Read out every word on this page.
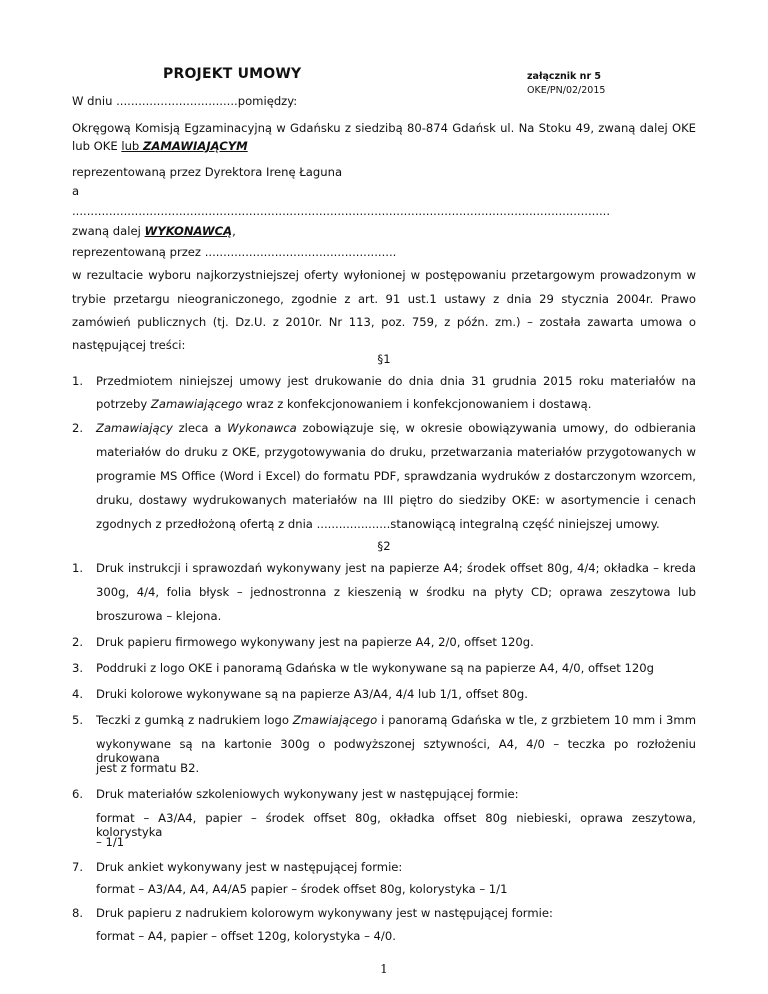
PROJEKT UMOWY	załącznik nr 5
OKE/PN/02/2015
W dniu .................................pomiędzy:
Okręgową Komisją Egzaminacyjną w Gdańsku z siedzibą 80-874 Gdańsk ul. Na Stoku 49, zwaną dalej OKE
lub OKE lub ZAMAWIAJĄCYM
reprezentowaną przez Dyrektora Irenę Łaguna
a
..................................................................................................................................................
zwaną dalej WYKONAWCĄ,
reprezentowaną przez ....................................................
w rezultacie wyboru najkorzystniejszej oferty wyłonionej w postępowaniu przetargowym prowadzonym w
trybie przetargu nieograniczonego, zgodnie z art. 91 ust.1 ustawy z dnia 29 stycznia 2004r. Prawo
zamówień publicznych (tj. Dz.U. z 2010r. Nr 113, poz. 759, z późn. zm.) – została zawarta umowa o
następującej treści:
§1
1. Przedmiotem niniejszej umowy jest drukowanie do dnia dnia 31 grudnia 2015 roku materiałów na
potrzeby Zamawiającego wraz z konfekcjonowaniem i konfekcjonowaniem i dostawą.
2. Zamawiający zleca a Wykonawca zobowiązuje się, w okresie obowiązywania umowy, do odbierania
materiałów do druku z OKE, przygotowywania do druku, przetwarzania materiałów przygotowanych w
programie MS Office (Word i Excel) do formatu PDF, sprawdzania wydruków z dostarczonym wzorcem,
druku, dostawy wydrukowanych materiałów na III piętro do siedziby OKE: w asortymencie i cenach
zgodnych z przedłożoną ofertą z dnia ....................stanowiącą integralną część niniejszej umowy.
§2
1. Druk instrukcji i sprawozdań wykonywany jest na papierze A4; środek offset 80g, 4/4; okładka – kreda
300g, 4/4, folia błysk – jednostronna z kieszenią w środku na płyty CD; oprawa zeszytowa lub
broszurowa – klejona.
2. Druk papieru firmowego wykonywany jest na papierze A4, 2/0, offset 120g.
3. Poddruki z logo OKE i panoramą Gdańska w tle wykonywane są na papierze A4, 4/0, offset 120g
4. Druki kolorowe wykonywane są na papierze A3/A4, 4/4 lub 1/1, offset 80g.
5. Teczki z gumką z nadrukiem logo Zmawiającego i panoramą Gdańska w tle, z grzbietem 10 mm i 3mm
wykonywane są na kartonie 300g o podwyższonej sztywności, A4, 4/0 – teczka po rozłożeniu drukowana
jest z formatu B2.
6. Druk materiałów szkoleniowych wykonywany jest w następującej formie:
format – A3/A4, papier – środek offset 80g, okładka offset 80g niebieski, oprawa zeszytowa, kolorystyka
– 1/1
7. Druk ankiet wykonywany jest w następującej formie:
format – A3/A4, A4, A4/A5 papier – środek offset 80g, kolorystyka – 1/1
8. Druk papieru z nadrukiem kolorowym wykonywany jest w następującej formie:
format – A4, papier – offset 120g, kolorystyka – 4/0.
1
